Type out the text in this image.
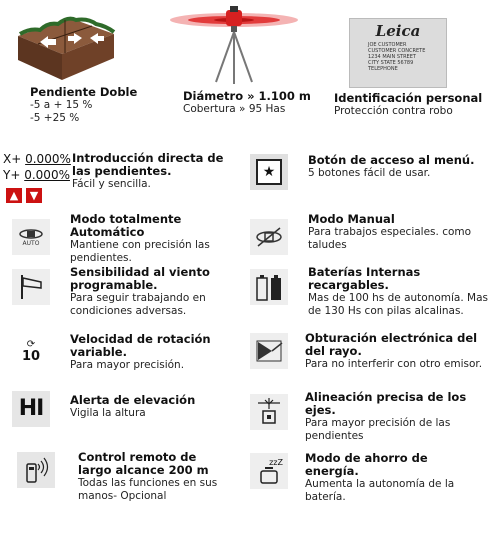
Pendiente Doble
-5 a + 15 %
-5 +25 %
Diámetro » 1.100 m
Cobertura » 95 Has
Leica
JOE CUSTOMER
CUSTOMER CONCRETE
1234 MAIN STREET
CITY STATE 56789
TELEPHONE
Identificación personal
Protección contra robo
X+ 0.000%
Y+ 0.000%
▲	▼
Introducción directa de las pendientes.
Fácil y sencilla.
AUTO
Modo totalmente Automático
Mantiene con precisión las pendientes.
Sensibilidad al viento programable.
Para seguir trabajando en condiciones adversas.
⟳
10
Velocidad de rotación variable.
Para mayor precisión.
HI Alerta de elevación
Vigila la altura
Control remoto de largo alcance 200 m
Todas las funciones en sus manos- Opcional
★
Botón de acceso al menú.
5 botones fácil de usar.
Modo Manual
Para trabajos especiales. como taludes
Baterías Internas recargables.
Mas de 100 hs de autonomía. Mas de 130 Hs con pilas alcalinas.
Obturación electrónica del del rayo.
Para no interferir con otro emisor.
Alineación precisa de los ejes.
Para mayor precisión de las pendientes
zzZ Modo de ahorro de energía.
Aumenta la autonomía de la batería.
